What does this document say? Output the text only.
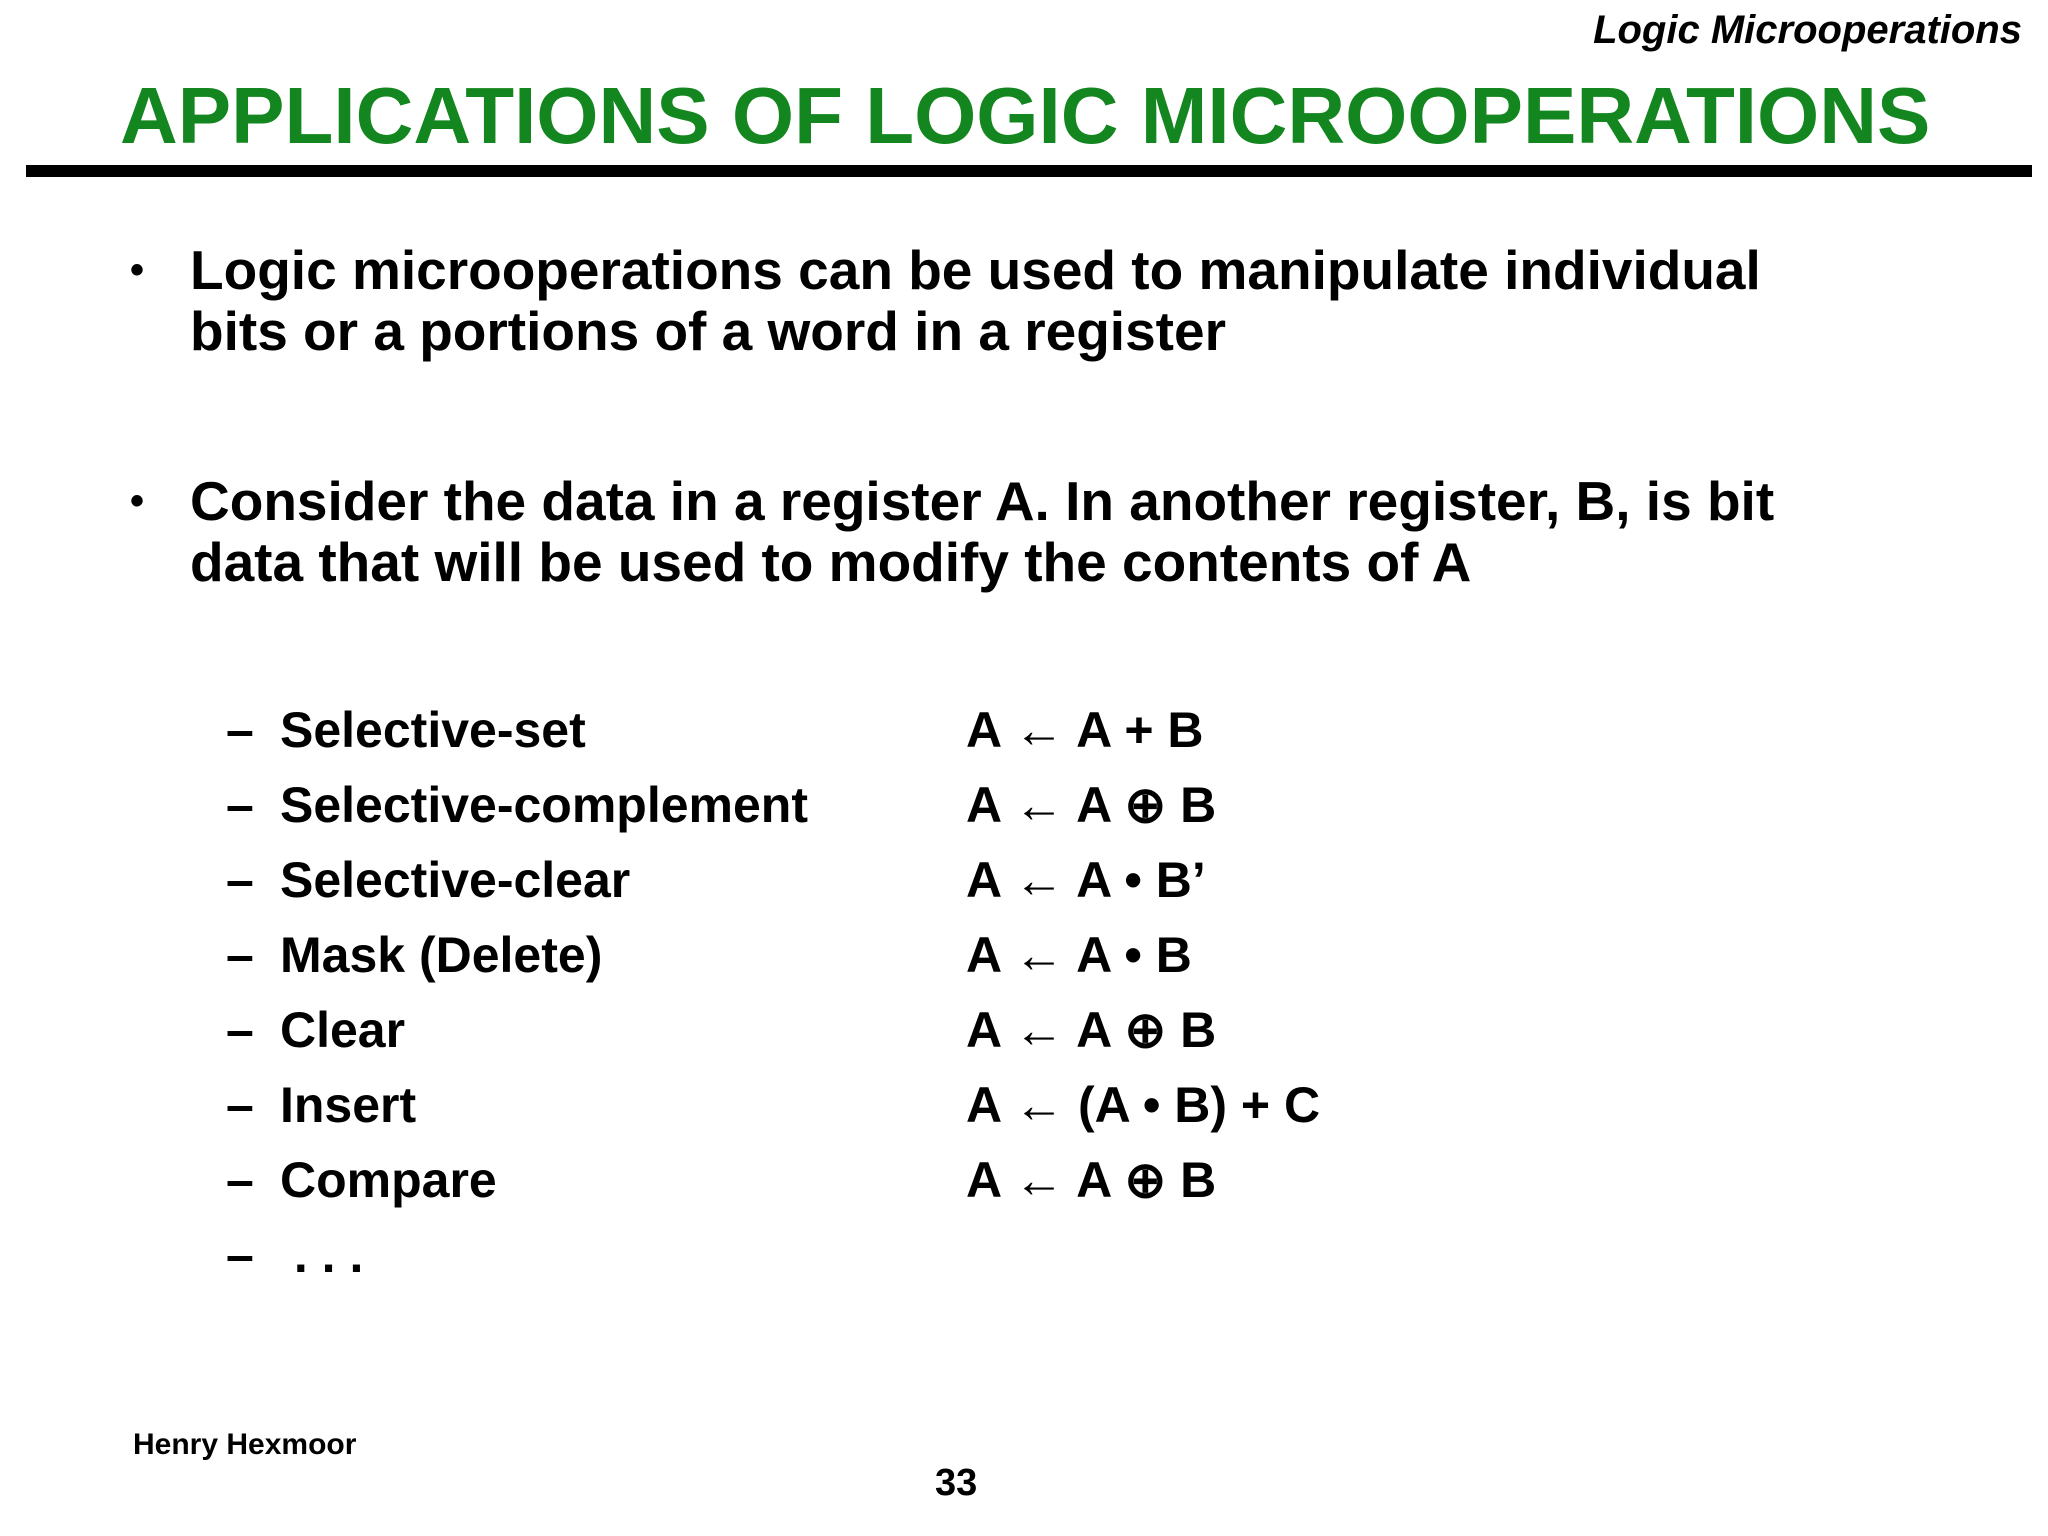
Logic Microoperations
APPLICATIONS OF LOGIC MICROOPERATIONS
• Logic microoperations can be used to manipulate individual
bits or a portions of a word in a register
• Consider the data in a register A. In another register, B, is bit
data that will be used to modify the contents of A
– Selective-set	A ← A + B
– Selective-complement	A ← A ⊕ B
– Selective-clear	A ← A • B’
– Mask (Delete)	A ← A • B
– Clear	A ← A ⊕ B
– Insert	A ← (A • B) + C
– Compare	A ← A ⊕ B
– . . .
Henry Hexmoor
33
